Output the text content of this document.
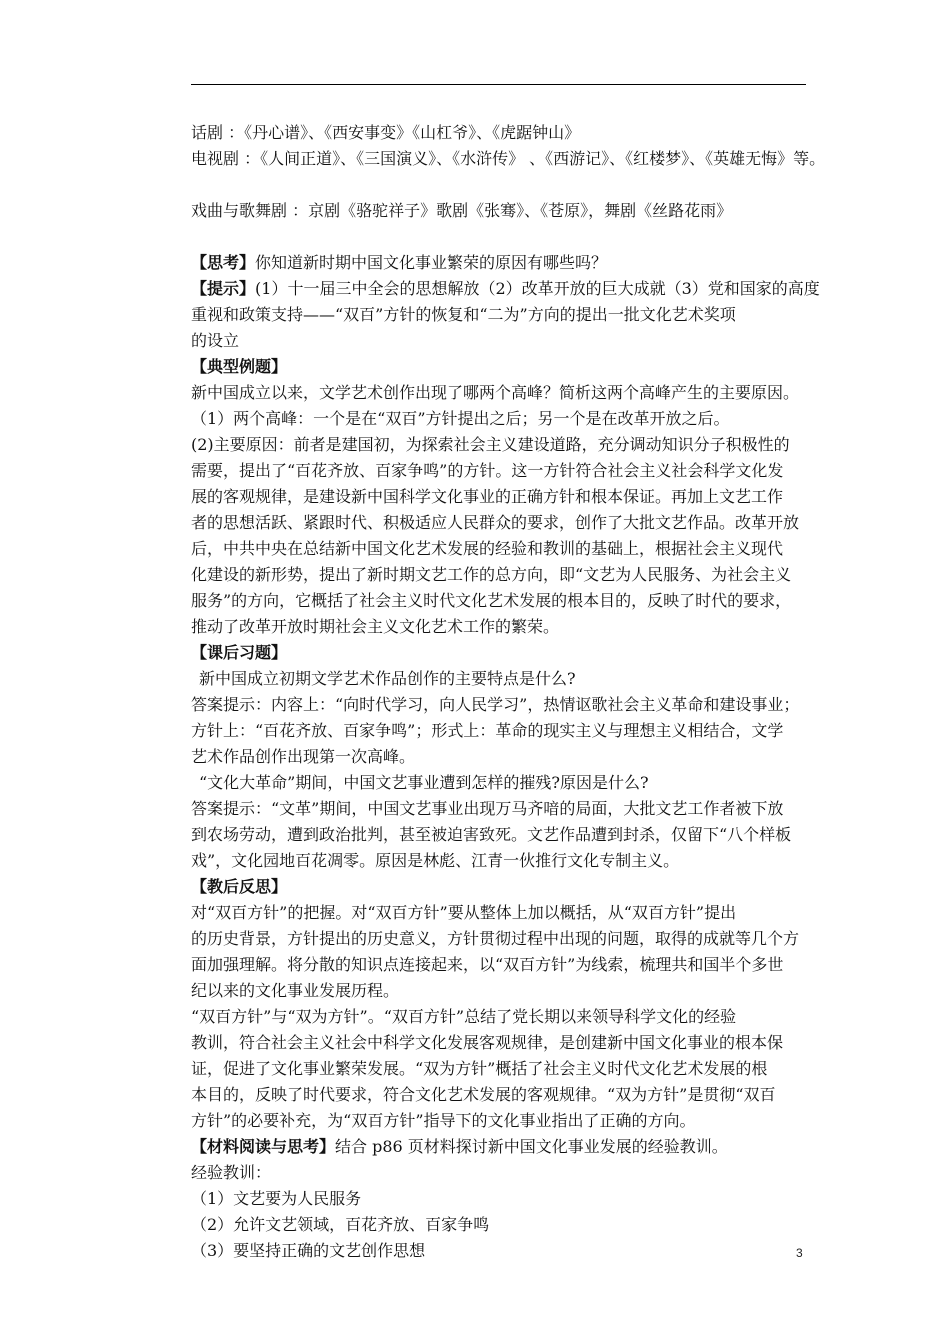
话剧 ：《丹心谱》、《西安事变》《山杠爷》、《虎踞钟山》
电视剧 ：《人间正道》、《三国演义》、《水浒传》 、《西游记》、《红楼梦》、《英雄无悔》等。
戏曲与歌舞剧 ：京剧《骆驼祥子》歌剧《张骞》、《苍原》，舞剧《丝路花雨》
【思考】你知道新时期中国文化事业繁荣的原因有哪些吗？
【提示】(1）十一届三中全会的思想解放（2）改革开放的巨大成就（3）党和国家的高度
重视和政策支持——“双百”方针的恢复和“二为”方向的提出一批文化艺术奖项
的设立
【典型例题】
新中国成立以来，文学艺术创作出现了哪两个高峰？简析这两个高峰产生的主要原因。
（1）两个高峰：一个是在“双百”方针提出之后；另一个是在改革开放之后。
(2)主要原因：前者是建国初，为探索社会主义建设道路，充分调动知识分子积极性的
需要，提出了“百花齐放、百家争鸣”的方针。这一方针符合社会主义社会科学文化发
展的客观规律，是建设新中国科学文化事业的正确方针和根本保证。再加上文艺工作
者的思想活跃、紧跟时代、积极适应人民群众的要求，创作了大批文艺作品。改革开放
后，中共中央在总结新中国文化艺术发展的经验和教训的基础上，根据社会主义现代
化建设的新形势，提出了新时期文艺工作的总方向，即“文艺为人民服务、为社会主义
服务”的方向，它概括了社会主义时代文化艺术发展的根本目的，反映了时代的要求，
推动了改革开放时期社会主义文化艺术工作的繁荣。
【课后习题】
新中国成立初期文学艺术作品创作的主要特点是什么?
答案提示：内容上：“向时代学习，向人民学习”，热情讴歌社会主义革命和建设事业；
方针上：“百花齐放、百家争鸣”；形式上：革命的现实主义与理想主义相结合，文学
艺术作品创作出现第一次高峰。
“文化大革命”期间，中国文艺事业遭到怎样的摧残?原因是什么?
答案提示：“文革”期间，中国文艺事业出现万马齐喑的局面，大批文艺工作者被下放
到农场劳动，遭到政治批判，甚至被迫害致死。文艺作品遭到封杀，仅留下“八个样板
戏”，文化园地百花凋零。原因是林彪、江青一伙推行文化专制主义。
【教后反思】
对“双百方针”的把握。对“双百方针”要从整体上加以概括，从“双百方针”提出
的历史背景，方针提出的历史意义，方针贯彻过程中出现的问题，取得的成就等几个方
面加强理解。将分散的知识点连接起来，以“双百方针”为线索，梳理共和国半个多世
纪以来的文化事业发展历程。
“双百方针”与“双为方针”。“双百方针”总结了党长期以来领导科学文化的经验
教训，符合社会主义社会中科学文化发展客观规律，是创建新中国文化事业的根本保
证，促进了文化事业繁荣发展。“双为方针”概括了社会主义时代文化艺术发展的根
本目的，反映了时代要求，符合文化艺术发展的客观规律。“双为方针”是贯彻“双百
方针”的必要补充，为“双百方针”指导下的文化事业指出了正确的方向。
【材料阅读与思考】结合 p86 页材料探讨新中国文化事业发展的经验教训。
经验教训：
（1）文艺要为人民服务
（2）允许文艺领域，百花齐放、百家争鸣
（3）要坚持正确的文艺创作思想	3
